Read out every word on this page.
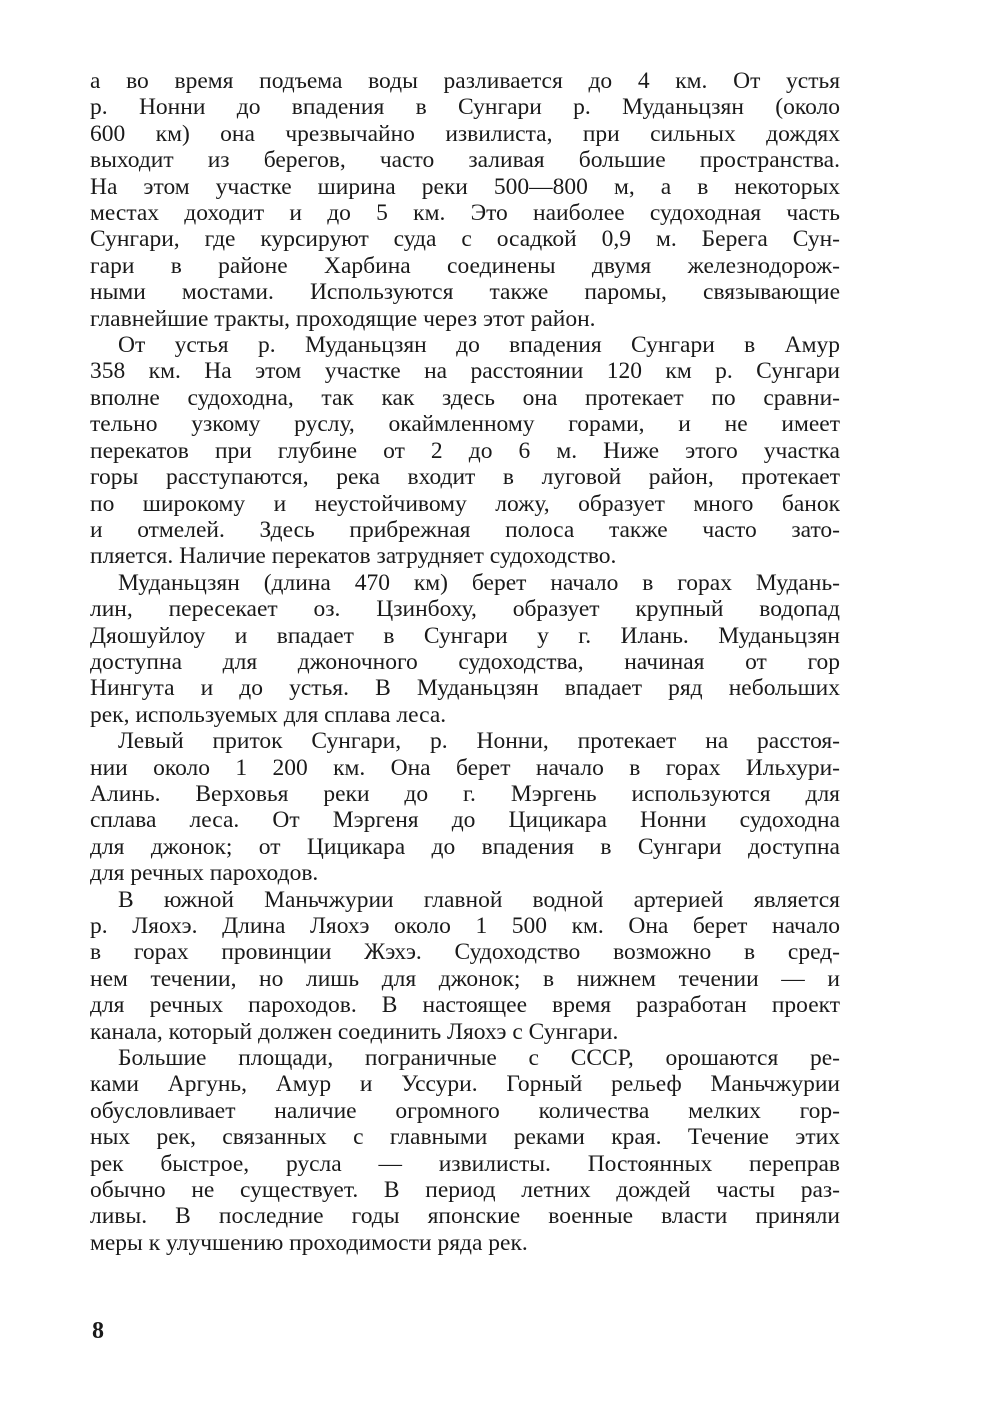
а во время подъема воды разливается до 4 км. От устья
р. Нонни до впадения в Сунгари р. Муданьцзян (около
600 км) она чрезвычайно извилиста, при сильных дождях
выходит из берегов, часто заливая большие пространства.
На этом участке ширина реки 500—800 м, а в некоторых
местах доходит и до 5 км. Это наиболее судоходная часть
Сунгари, где курсируют суда с осадкой 0,9 м. Берега Сун-
гари в районе Харбина соединены двумя железнодорож-
ными мостами. Используются также паромы, связывающие
главнейшие тракты, проходящие через этот район.

От устья р. Муданьцзян до впадения Сунгари в Амур
358 км. На этом участке на расстоянии 120 км р. Сунгари
вполне судоходна, так как здесь она протекает по сравни-
тельно узкому руслу, окаймленному горами, и не имеет
перекатов при глубине от 2 до 6 м. Ниже этого участка
горы расступаются, река входит в луговой район, протекает
по широкому и неустойчивому ложу, образует много банок
и отмелей. Здесь прибрежная полоса также часто зато-
пляется. Наличие перекатов затрудняет судоходство.

Муданьцзян (длина 470 км) берет начало в горах Мудань-
лин, пересекает оз. Цзинбоху, образует крупный водопад
Дяошуйлоу и впадает в Сунгари у г. Илань. Муданьцзян
доступна для джоночного судоходства, начиная от гор
Нингута и до устья. В Муданьцзян впадает ряд небольших
рек, используемых для сплава леса.

Левый приток Сунгари, р. Нонни, протекает на расстоя-
нии около 1 200 км. Она берет начало в горах Ильхури-
Алинь. Верховья реки до г. Мэргень используются для
сплава леса. От Мэргеня до Цицикара Нонни судоходна
для джонок; от Цицикара до впадения в Сунгари доступна
для речных пароходов.

В южной Маньчжурии главной водной артерией является
р. Ляохэ. Длина Ляохэ около 1 500 км. Она берет начало
в горах провинции Жэхэ. Судоходство возможно в сред-
нем течении, но лишь для джонок; в нижнем течении — и
для речных пароходов. В настоящее время разработан проект
канала, который должен соединить Ляохэ с Сунгари.

Большие площади, пограничные с СССР, орошаются ре-
ками Аргунь, Амур и Уссури. Горный рельеф Маньчжурии
обусловливает наличие огромного количества мелких гор-
ных рек, связанных с главными реками края. Течение этих
рек быстрое, русла — извилисты. Постоянных переправ
обычно не существует. В период летних дождей часты раз-
ливы. В последние годы японские военные власти приняли
меры к улучшению проходимости ряда рек.

8
